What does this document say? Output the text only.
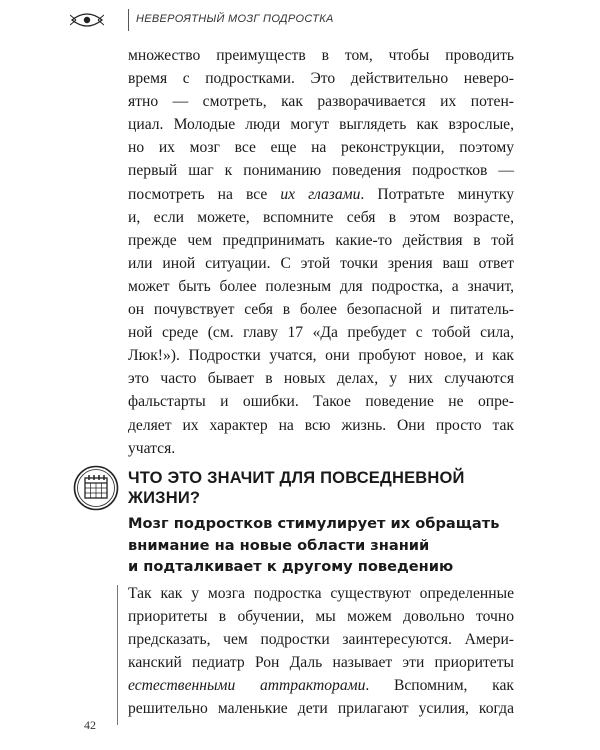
НЕВЕРОЯТНЫЙ МОЗГ ПОДРОСТКА
множество преимуществ в том, чтобы проводить
время с подростками. Это действительно неверо-
ятно — смотреть, как разворачивается их потен-
циал. Молодые люди могут выглядеть как взрослые,
но их мозг все еще на реконструкции, поэтому
первый шаг к пониманию поведения подростков —
посмотреть на все их глазами. Потратьте минутку
и, если можете, вспомните себя в этом возрасте,
прежде чем предпринимать какие-то действия в той
или иной ситуации. С этой точки зрения ваш ответ
может быть более полезным для подростка, а значит,
он почувствует себя в более безопасной и питатель-
ной среде (см. главу 17 «Да пребудет с тобой сила,
Люк!»). Подростки учатся, они пробуют новое, и как
это часто бывает в новых делах, у них случаются
фальстарты и ошибки. Такое поведение не опре-
деляет их характер на всю жизнь. Они просто так
учатся.
ЧТО ЭТО ЗНАЧИТ ДЛЯ ПОВСЕДНЕВНОЙ ЖИЗНИ?
Мозг подростков стимулирует их обращать
внимание на новые области знаний
и подталкивает к другому поведению
Так как у мозга подростка существуют определенные
приоритеты в обучении, мы можем довольно точно
предсказать, чем подростки заинтересуются. Амери-
канский педиатр Рон Даль называет эти приоритеты
естественными аттракторами. Вспомним, как
решительно маленькие дети прилагают усилия, когда
42
